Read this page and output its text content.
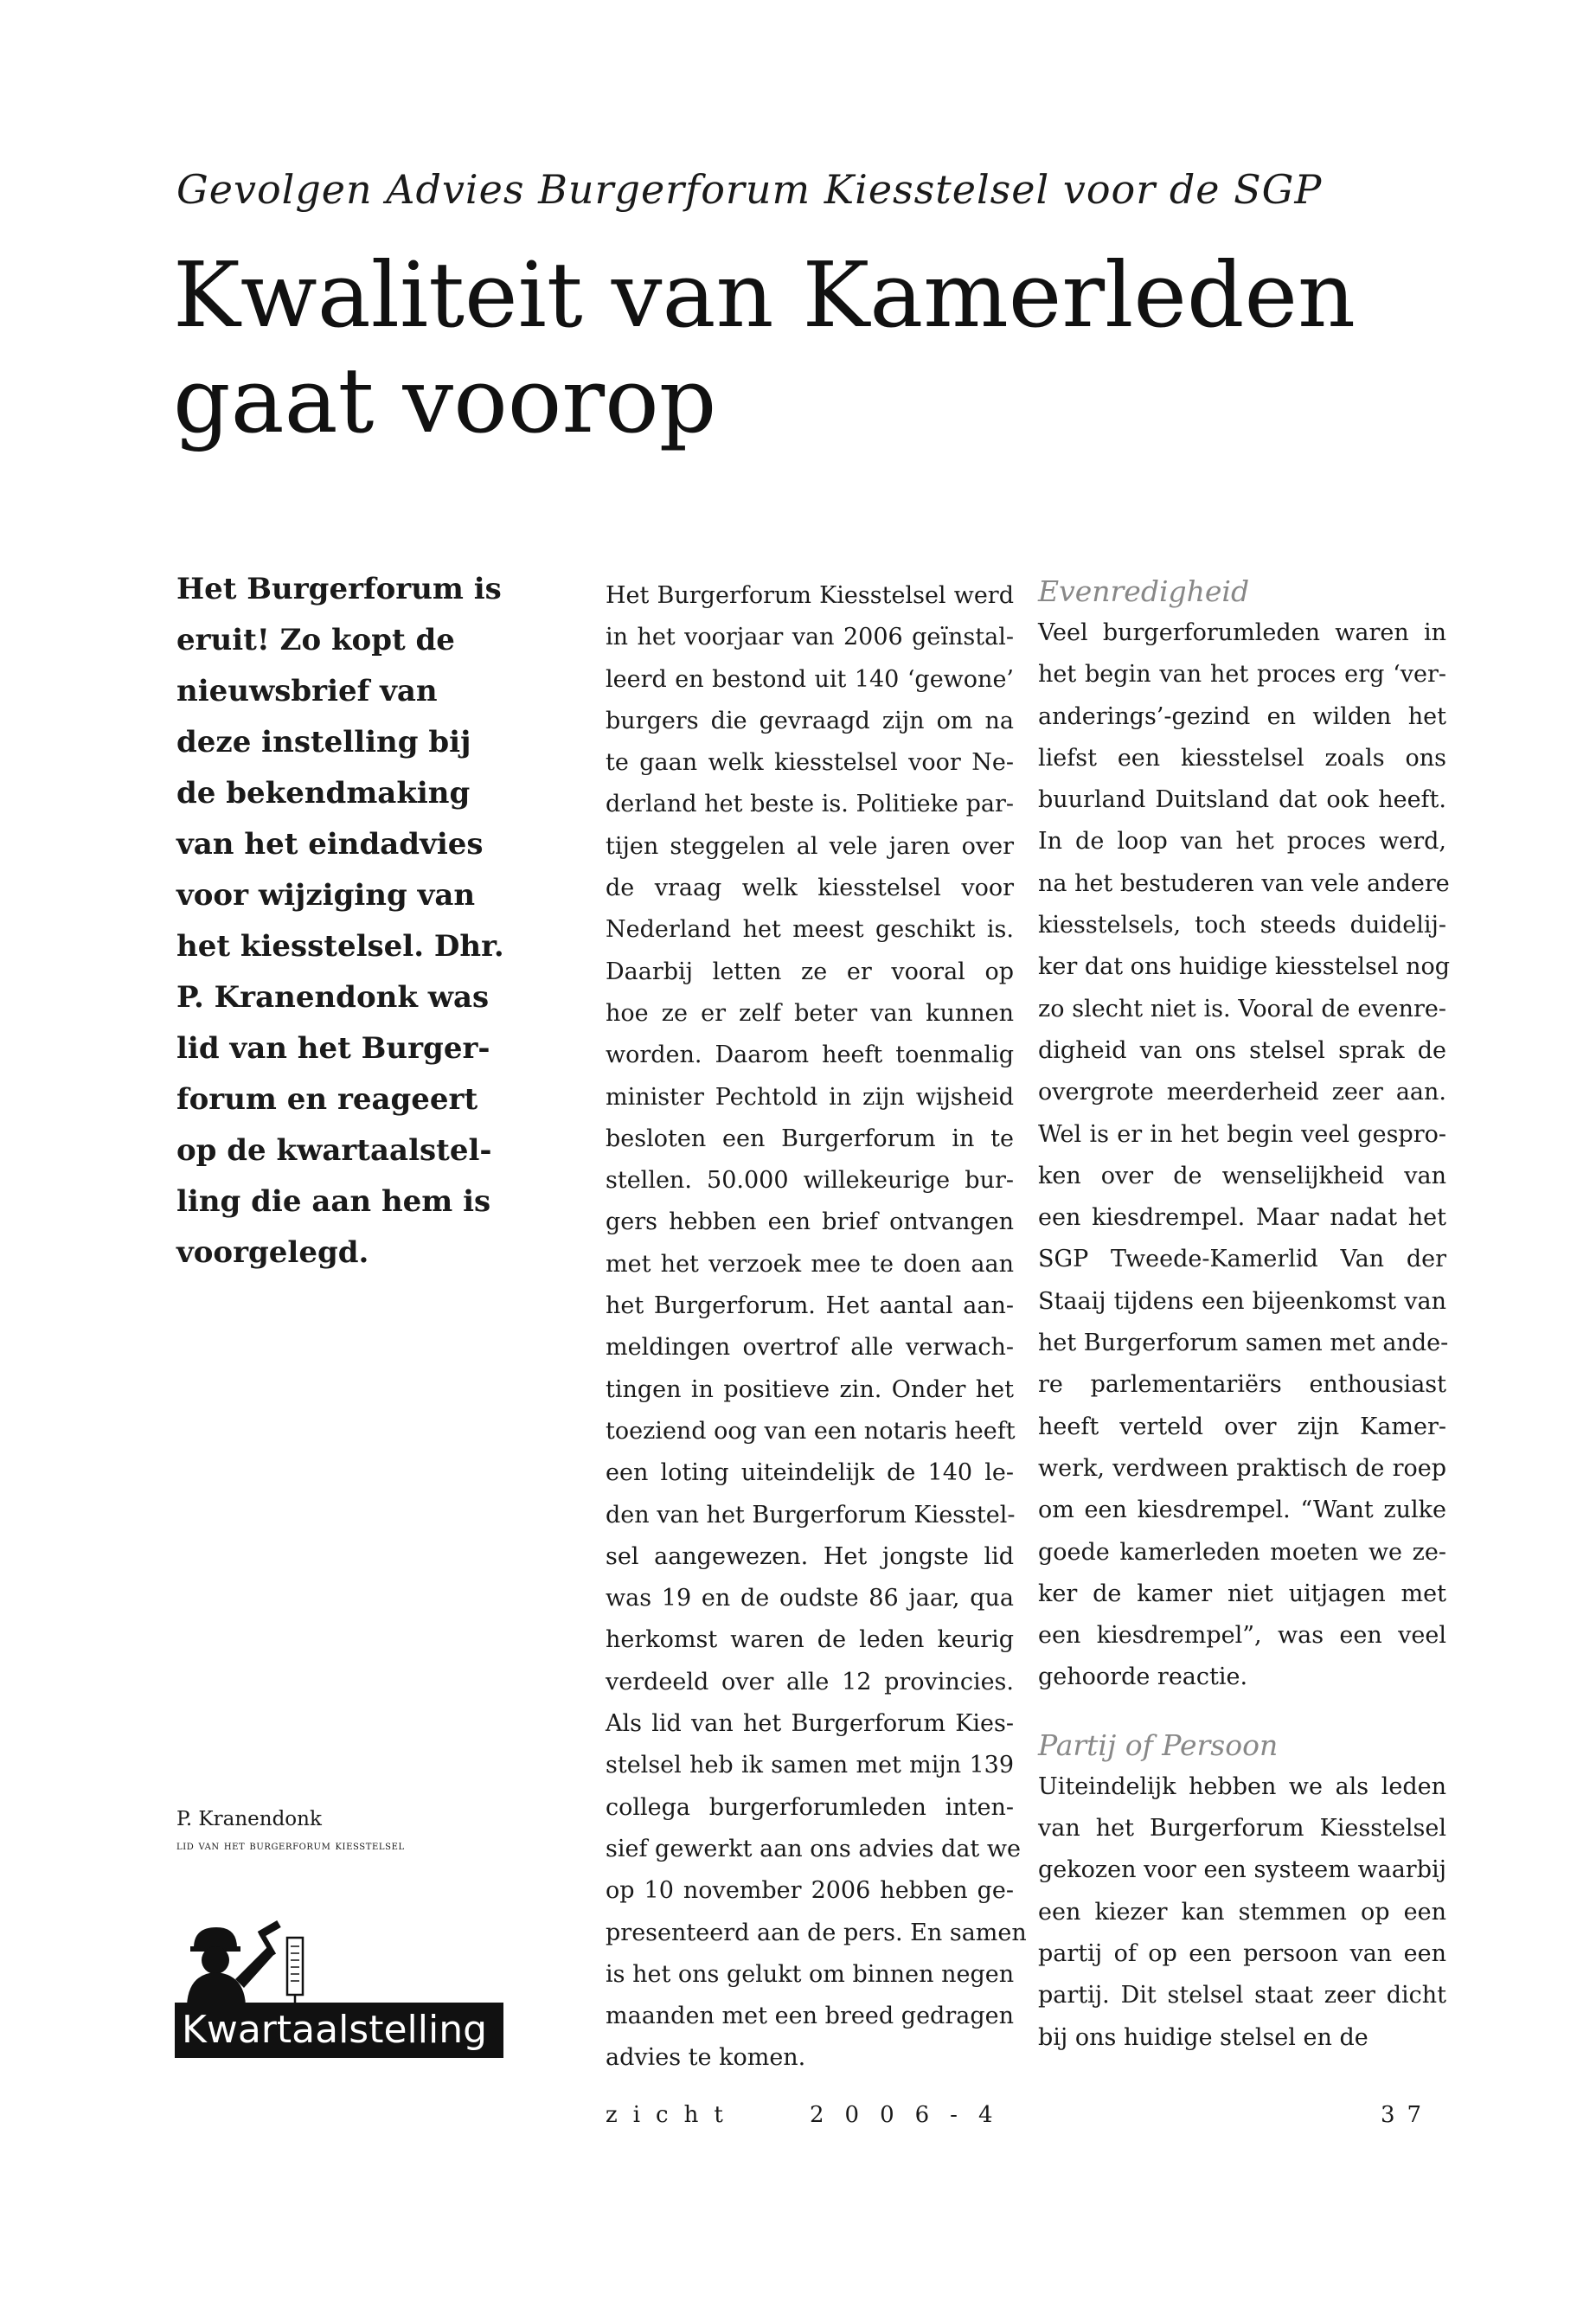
Gevolgen Advies Burgerforum Kiesstelsel voor de SGP
Kwaliteit van Kamerleden
gaat voorop
Het Burgerforum is
eruit! Zo kopt de
nieuwsbrief van
deze instelling bij
de bekendmaking
van het eindadvies
voor wijziging van
het kiesstelsel. Dhr.
P. Kranendonk was
lid van het Burger-
forum en reageert
op de kwartaalstel-
ling die aan hem is
voorgelegd.
Het Burgerforum Kiesstelsel werd
in het voorjaar van 2006 geïnstal-
leerd en bestond uit 140 ‘gewone’
burgers die gevraagd zijn om na
te gaan welk kiesstelsel voor Ne-
derland het beste is. Politieke par-
tijen steggelen al vele jaren over
de vraag welk kiesstelsel voor
Nederland het meest geschikt is.
Daarbij letten ze er vooral op
hoe ze er zelf beter van kunnen
worden. Daarom heeft toenmalig
minister Pechtold in zijn wijsheid
besloten een Burgerforum in te
stellen. 50.000 willekeurige bur-
gers hebben een brief ontvangen
met het verzoek mee te doen aan
het Burgerforum. Het aantal aan-
meldingen overtrof alle verwach-
tingen in positieve zin. Onder het
toeziend oog van een notaris heeft
een loting uiteindelijk de 140 le-
den van het Burgerforum Kiesstel-
sel aangewezen. Het jongste lid
was 19 en de oudste 86 jaar, qua
herkomst waren de leden keurig
verdeeld over alle 12 provincies.
Als lid van het Burgerforum Kies-
stelsel heb ik samen met mijn 139
collega burgerforumleden inten-
sief gewerkt aan ons advies dat we
op 10 november 2006 hebben ge-
presenteerd aan de pers. En samen
is het ons gelukt om binnen negen
maanden met een breed gedragen
advies te komen.
Evenredigheid
Veel burgerforumleden waren in
het begin van het proces erg ‘ver-
anderings’-gezind en wilden het
liefst een kiesstelsel zoals ons
buurland Duitsland dat ook heeft.
In de loop van het proces werd,
na het bestuderen van vele andere
kiesstelsels, toch steeds duidelij-
ker dat ons huidige kiesstelsel nog
zo slecht niet is. Vooral de evenre-
digheid van ons stelsel sprak de
overgrote meerderheid zeer aan.
Wel is er in het begin veel gespro-
ken over de wenselijkheid van
een kiesdrempel. Maar nadat het
SGP Tweede-Kamerlid Van der
Staaij tijdens een bijeenkomst van
het Burgerforum samen met ande-
re parlementariërs enthousiast
heeft verteld over zijn Kamer-
werk, verdween praktisch de roep
om een kiesdrempel. “Want zulke
goede kamerleden moeten we ze-
ker de kamer niet uitjagen met
een kiesdrempel”, was een veel
gehoorde reactie.
Partij of Persoon
Uiteindelijk hebben we als leden
van het Burgerforum Kiesstelsel
gekozen voor een systeem waarbij
een kiezer kan stemmen op een
partij of op een persoon van een
partij. Dit stelsel staat zeer dicht
bij ons huidige stelsel en de
P. Kranendonk
lid van het burgerforum kiesstelsel
Kwartaalstelling
zicht	2006-4	37
